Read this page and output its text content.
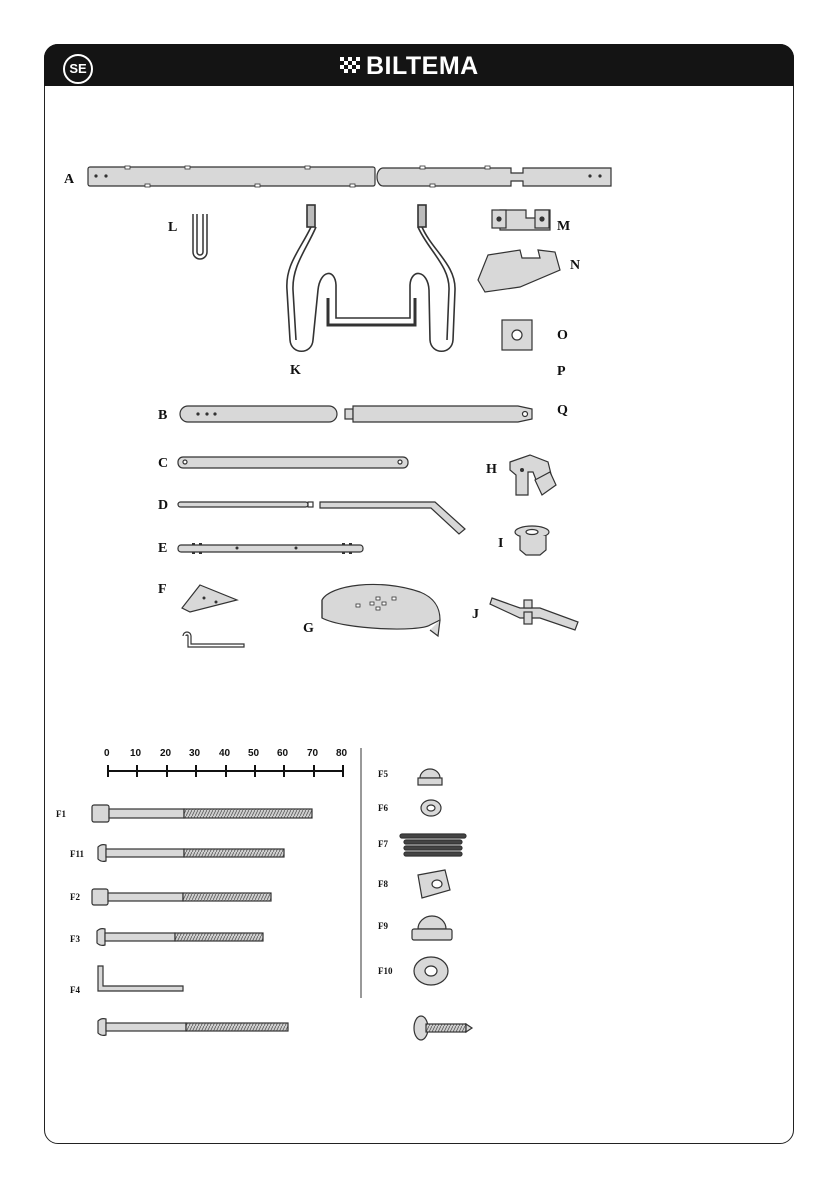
SE	BILTEMA
A
L	M
N
O
K	P
B	Q
C	H
D
I
E
F
J
G
0 10 20 30 40 50 60 70 80
F1
F11
F2
F3
F4
F5
F6
F7
F8
F9
F10
